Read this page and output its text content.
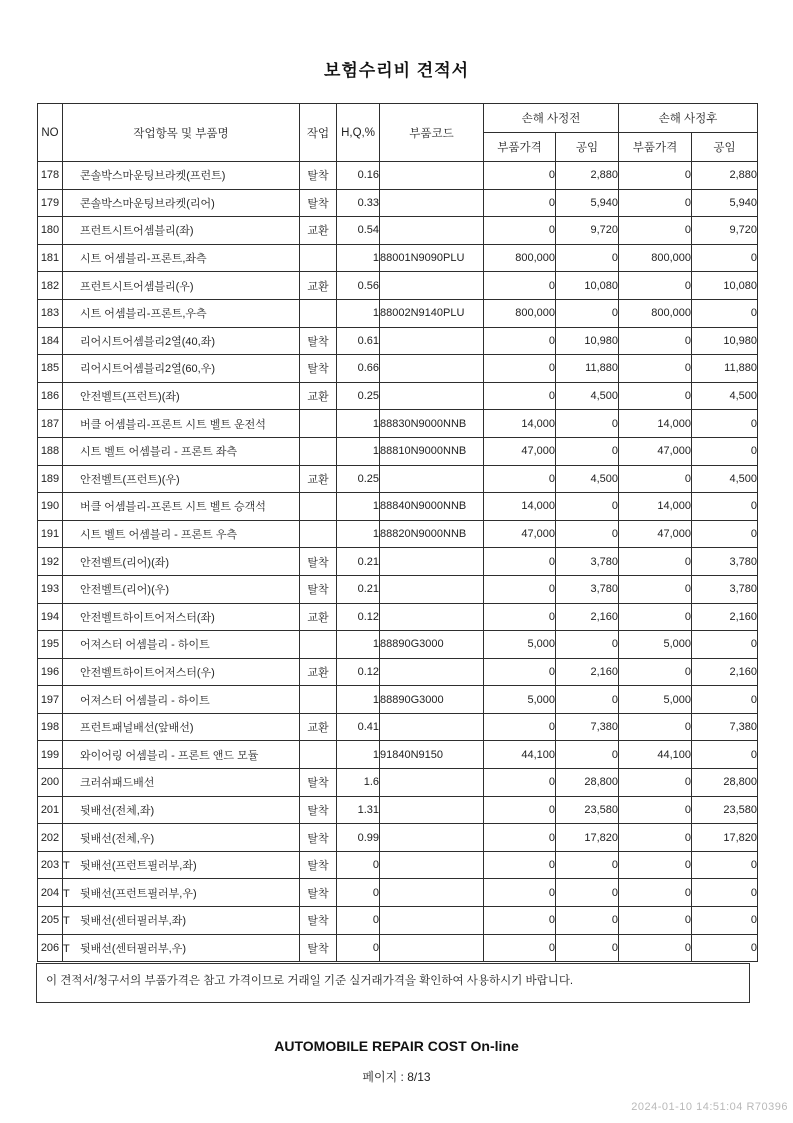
보험수리비 견적서
NO	작업항목 및 부품명	작업	H,Q,%	부품코드	손해 사정전		손해 사정후	
					부품가격	공임	부품가격	공임
178	콘솔박스마운팅브라켓(프런트)	탈착	0.16		0	2,880	0	2,880
179	콘솔박스마운팅브라켓(리어)	탈착	0.33		0	5,940	0	5,940
180	프런트시트어셈블리(좌)	교환	0.54		0	9,720	0	9,720
181	시트 어셈블리-프론트,좌측		1	88001N9090PLU	800,000	0	800,000	0
182	프런트시트어셈블리(우)	교환	0.56		0	10,080	0	10,080
183	시트 어셈블리-프론트,우측		1	88002N9140PLU	800,000	0	800,000	0
184	리어시트어셈블리2열(40,좌)	탈착	0.61		0	10,980	0	10,980
185	리어시트어셈블리2열(60,우)	탈착	0.66		0	11,880	0	11,880
186	안전벨트(프런트)(좌)	교환	0.25		0	4,500	0	4,500
187	버클 어셈블리-프론트 시트 벨트 운전석		1	88830N9000NNB	14,000	0	14,000	0
188	시트 벨트 어셈블리 - 프론트 좌측		1	88810N9000NNB	47,000	0	47,000	0
189	안전벨트(프런트)(우)	교환	0.25		0	4,500	0	4,500
190	버클 어셈블리-프론트 시트 벨트 승객석		1	88840N9000NNB	14,000	0	14,000	0
191	시트 벨트 어셈블리 - 프론트 우측		1	88820N9000NNB	47,000	0	47,000	0
192	안전벨트(리어)(좌)	탈착	0.21		0	3,780	0	3,780
193	안전벨트(리어)(우)	탈착	0.21		0	3,780	0	3,780
194	안전벨트하이트어저스터(좌)	교환	0.12		0	2,160	0	2,160
195	어져스터 어셈블리 - 하이트		1	88890G3000	5,000	0	5,000	0
196	안전벨트하이트어저스터(우)	교환	0.12		0	2,160	0	2,160
197	어져스터 어셈블리 - 하이트		1	88890G3000	5,000	0	5,000	0
198	프런트패널배선(앞배선)	교환	0.41		0	7,380	0	7,380
199	와이어링 어셈블리 - 프론트 앤드 모듈		1	91840N9150	44,100	0	44,100	0
200	크러쉬패드배선	탈착	1.6		0	28,800	0	28,800
201	뒷배선(전체,좌)	탈착	1.31		0	23,580	0	23,580
202	뒷배선(전체,우)	탈착	0.99		0	17,820	0	17,820
203	T 뒷배선(프런트필러부,좌)	탈착	0		0	0	0	0
204	T 뒷배선(프런트필러부,우)	탈착	0		0	0	0	0
205	T 뒷배선(센터필러부,좌)	탈착	0		0	0	0	0
206	T 뒷배선(센터필러부,우)	탈착	0		0	0	0	0
이 견적서/청구서의 부품가격은 참고 가격이므로 거래일 기준 실거래가격을 확인하여 사용하시기 바랍니다.
AUTOMOBILE REPAIR COST On-line
페이지 : 8/13
2024-01-10 14:51:04 R70396
